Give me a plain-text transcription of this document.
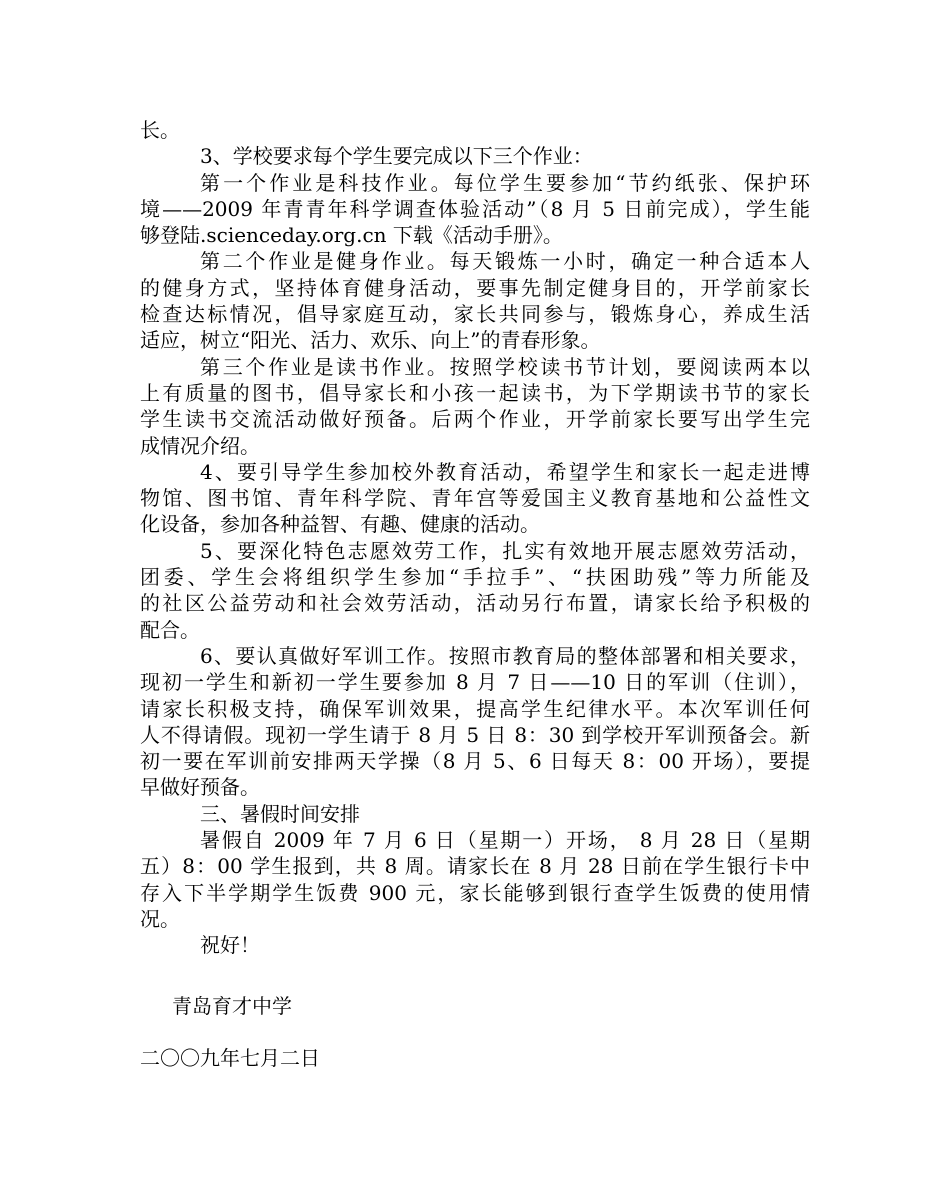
长。
3、学校要求每个学生要完成以下三个作业：
第一个作业是科技作业。每位学生要参加“节约纸张、保护环
境——2009 年青青年科学调查体验活动”（8 月 5 日前完成），学生能
够登陆.scienceday.org.cn 下载《活动手册》。
第二个作业是健身作业。每天锻炼一小时，确定一种合适本人
的健身方式，坚持体育健身活动，要事先制定健身目的，开学前家长
检查达标情况，倡导家庭互动，家长共同参与，锻炼身心，养成生活
适应，树立“阳光、活力、欢乐、向上”的青春形象。
第三个作业是读书作业。按照学校读书节计划，要阅读两本以
上有质量的图书，倡导家长和小孩一起读书，为下学期读书节的家长
学生读书交流活动做好预备。后两个作业，开学前家长要写出学生完
成情况介绍。
4、要引导学生参加校外教育活动，希望学生和家长一起走进博
物馆、图书馆、青年科学院、青年宫等爱国主义教育基地和公益性文
化设备，参加各种益智、有趣、健康的活动。
5、要深化特色志愿效劳工作，扎实有效地开展志愿效劳活动，
团委、学生会将组织学生参加“手拉手”、“扶困助残”等力所能及
的社区公益劳动和社会效劳活动，活动另行布置，请家长给予积极的
配合。
6、要认真做好军训工作。按照市教育局的整体部署和相关要求，
现初一学生和新初一学生要参加 8 月 7 日——10 日的军训（住训），
请家长积极支持，确保军训效果，提高学生纪律水平。本次军训任何
人不得请假。现初一学生请于 8 月 5 日 8：30 到学校开军训预备会。新
初一要在军训前安排两天学操（8 月 5、6 日每天 8：00 开场），要提
早做好预备。
三、暑假时间安排
暑假自 2009 年 7 月 6 日（星期一）开场， 8 月 28 日（星期
五）8：00 学生报到，共 8 周。请家长在 8 月 28 日前在学生银行卡中
存入下半学期学生饭费 900 元，家长能够到银行查学生饭费的使用情
况。
祝好！
青岛育才中学
二〇〇九年七月二日
